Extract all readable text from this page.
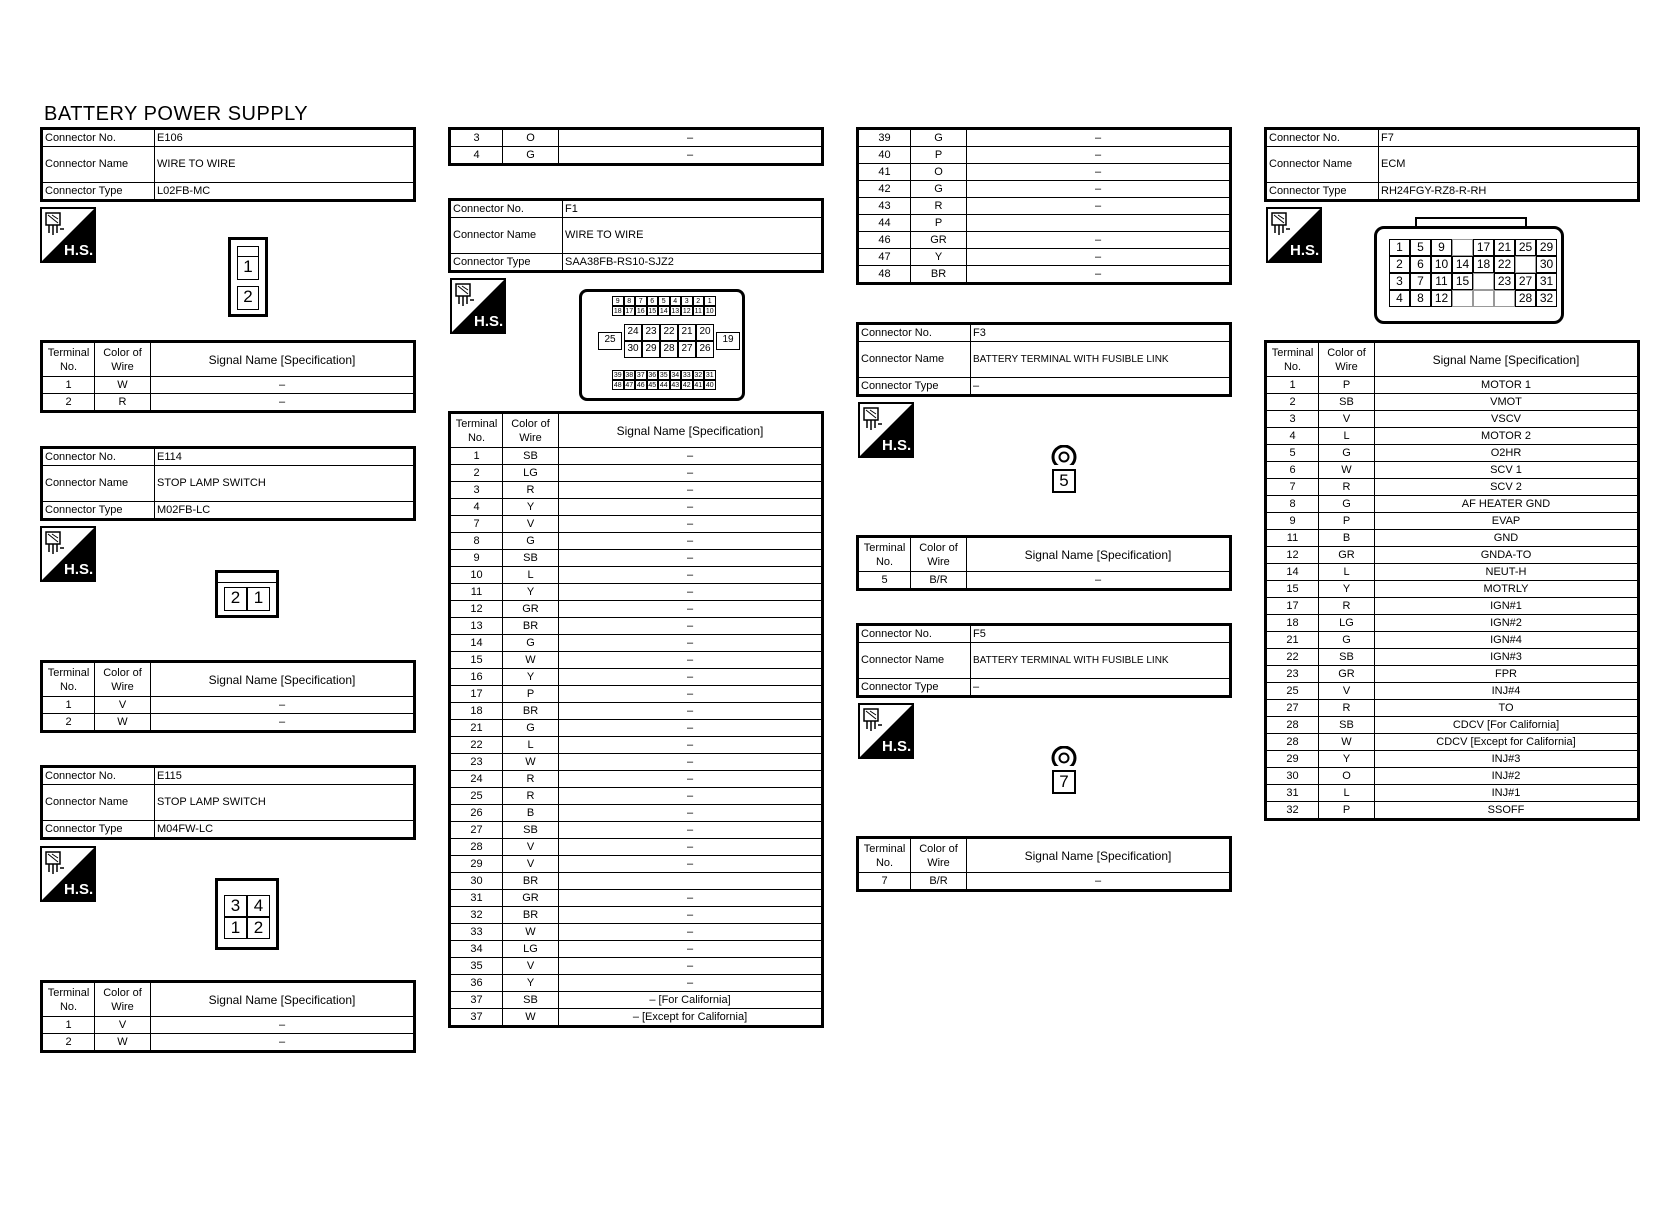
BATTERY POWER SUPPLY
Connector No.	E106
Connector Name	WIRE TO WIRE
Connector Type	L02FB-MC
H.S.
1
2
Terminal No.	Color of Wire	Signal Name [Specification]
1	W	–
2	R	–
Connector No.	E114
Connector Name	STOP LAMP SWITCH
Connector Type	M02FB-LC
H.S.
2 1
Terminal No.	Color of Wire	Signal Name [Specification]
1	V	–
2	W	–
Connector No.	E115
Connector Name	STOP LAMP SWITCH
Connector Type	M04FW-LC
H.S.
3 4
1 2
Terminal No.	Color of Wire	Signal Name [Specification]
1	V	–
2	W	–
3	O	–
4	G	–
Connector No.	F1
Connector Name	WIRE TO WIRE
Connector Type	SAA38FB-RS10-SJZ2
H.S.
9	8	7	6	5	4	3	2	1
18 17 16 15 14 13 12 11 10
24 23 22 21 20
30 29 28 27 26
25	19
39 38 37 36 35 34 33 32 31
48 47 46 45 44 43 42 41 40
Terminal No.	Color of Wire	Signal Name [Specification]
1	SB	–
2	LG	–
3	R	–
4	Y	–
7	V	–
8	G	–
9	SB	–
10	L	–
11	Y	–
12	GR	–
13	BR	–
14	G	–
15	W	–
16	Y	–
17	P	–
18	BR	–
21	G	–
22	L	–
23	W	–
24	R	–
25	R	–
26	B	–
27	SB	–
28	V	–
29	V	–
30	BR	
31	GR	–
32	BR	–
33	W	–
34	LG	–
35	V	–
36	Y	–
37	SB	– [For California]
37	W	– [Except for California]
39	G	–
40	P	–
41	O	–
42	G	–
43	R	–
44	P	
46	GR	–
47	Y	–
48	BR	–
Connector No.	F3
Connector Name	BATTERY TERMINAL WITH FUSIBLE LINK
Connector Type	–
H.S.
5
Terminal No.	Color of Wire	Signal Name [Specification]
5	B/R	–
Connector No.	F5
Connector Name	BATTERY TERMINAL WITH FUSIBLE LINK
Connector Type	–
H.S.
7
Terminal No.	Color of Wire	Signal Name [Specification]
7	B/R	–
Connector No.	F7
Connector Name	ECM
Connector Type	RH24FGY-RZ8-R-RH
H.S.	1	5	9	17 21 25 29
2	6 10 14 18 22	30
3	7 11 15	23 27 31
4	8 12	28 32
Terminal No.	Color of Wire	Signal Name [Specification]
1	P	MOTOR 1
2	SB	VMOT
3	V	VSCV
4	L	MOTOR 2
5	G	O2HR
6	W	SCV 1
7	R	SCV 2
8	G	AF HEATER GND
9	P	EVAP
11	B	GND
12	GR	GNDA-TO
14	L	NEUT-H
15	Y	MOTRLY
17	R	IGN#1
18	LG	IGN#2
21	G	IGN#4
22	SB	IGN#3
23	GR	FPR
25	V	INJ#4
27	R	TO
28	SB	CDCV [For California]
28	W	CDCV [Except for California]
29	Y	INJ#3
30	O	INJ#2
31	L	INJ#1
32	P	SSOFF
